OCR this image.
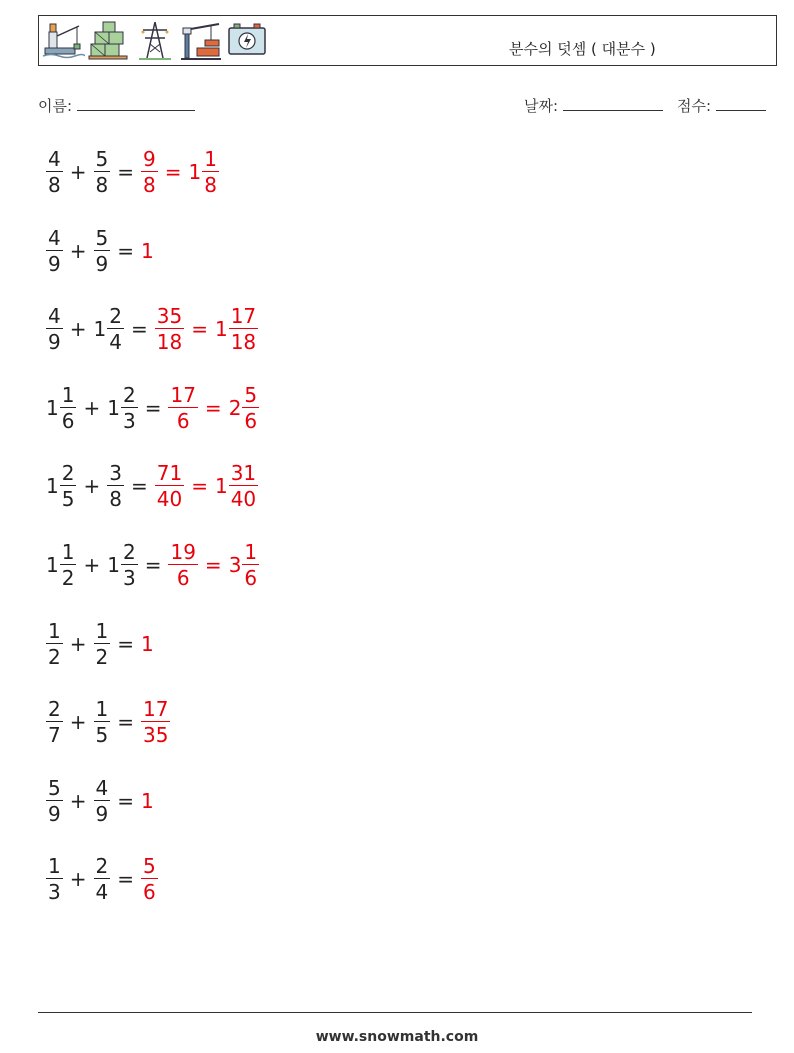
분수의 덧셈 ( 대분수 )
이름:	날짜:	점수:
$\frac{4}{8} + \frac{5}{8} = \frac{9}{8} = 1 \frac{1}{8}$
$\frac{4}{9} + \frac{5}{9} = 1$
$\frac{4}{9} + 1 \frac{2}{4} = \frac{35}{18} = 1 \frac{17}{18}$
$1 \frac{1}{6} + 1 \frac{2}{3} = \frac{17}{6} = 2 \frac{5}{6}$
$1 \frac{2}{5} + \frac{3}{8} = \frac{71}{40} = 1 \frac{31}{40}$
$1 \frac{1}{2} + 1 \frac{2}{3} = \frac{19}{6} = 3 \frac{1}{6}$
$\frac{1}{2} + \frac{1}{2} = 1$
$\frac{2}{7} + \frac{1}{5} = \frac{17}{35}$
$\frac{5}{9} + \frac{4}{9} = 1$
$\frac{1}{3} + \frac{2}{4} = \frac{5}{6}$
www.snowmath.com
